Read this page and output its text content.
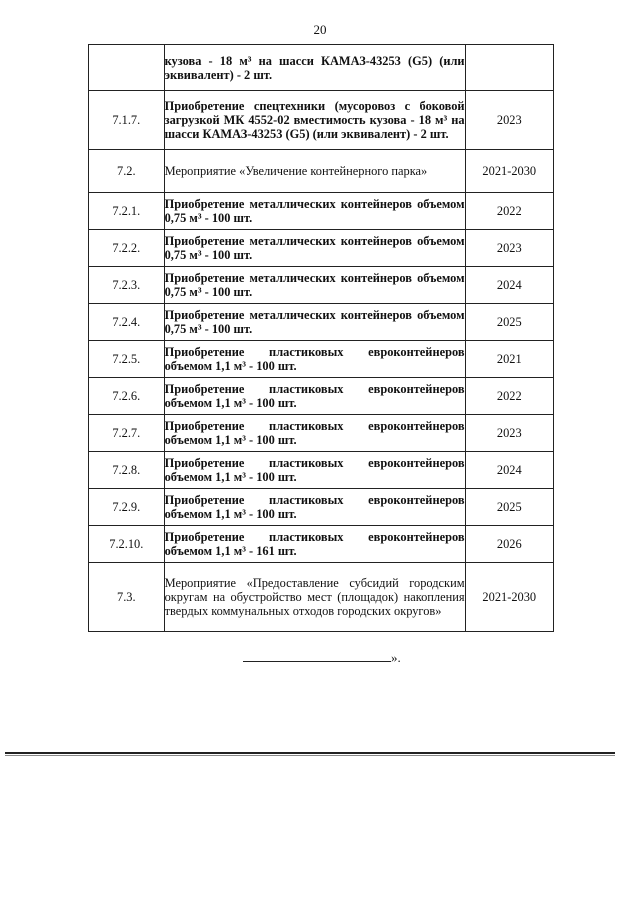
20
	кузова - 18 м³ на шасси КАМАЗ-43253 (G5) (или эквивалент) - 2 шт.	
7.1.7.	Приобретение спецтехники (мусоровоз с боковой загрузкой МК 4552-02 вместимость кузова - 18 м³ на шасси КАМАЗ-43253 (G5) (или эквивалент) - 2 шт.	2023
7.2.	Мероприятие «Увеличение контейнерного парка»	2021-2030
7.2.1.	Приобретение металлических контейнеров объемом 0,75 м³ - 100 шт.	2022
7.2.2.	Приобретение металлических контейнеров объемом 0,75 м³ - 100 шт.	2023
7.2.3.	Приобретение металлических контейнеров объемом 0,75 м³ - 100 шт.	2024
7.2.4.	Приобретение металлических контейнеров объемом 0,75 м³ - 100 шт.	2025
7.2.5.	Приобретение пластиковых евроконтейнеров объемом 1,1 м³ - 100 шт.	2021
7.2.6.	Приобретение пластиковых евроконтейнеров объемом 1,1 м³ - 100 шт.	2022
7.2.7.	Приобретение пластиковых евроконтейнеров объемом 1,1 м³ - 100 шт.	2023
7.2.8.	Приобретение пластиковых евроконтейнеров объемом 1,1 м³ - 100 шт.	2024
7.2.9.	Приобретение пластиковых евроконтейнеров объемом 1,1 м³ - 100 шт.	2025
7.2.10.	Приобретение пластиковых евроконтейнеров объемом 1,1 м³ - 161 шт.	2026
7.3.	Мероприятие «Предоставление субсидий городским округам на обустройство мест (площадок) накопления твердых коммунальных отходов городских округов»	2021-2030
».
